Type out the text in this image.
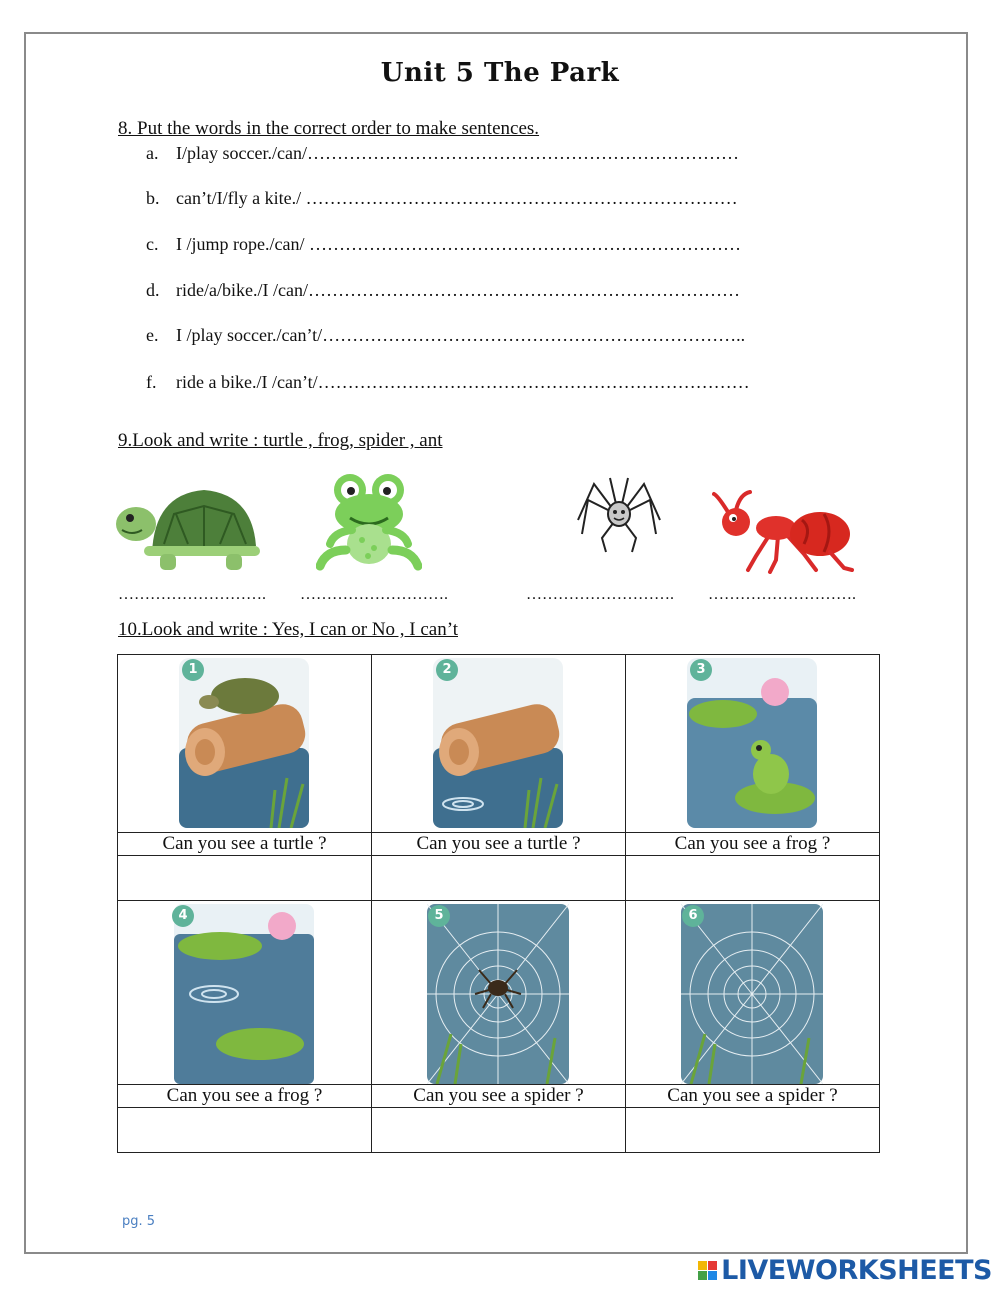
Unit 5 The Park
8. Put the words in the correct order to make sentences.
a. I/play soccer./can/………………………………………………………………
b. can’t/I/fly a kite./ ………………………………………………………………
c. I /jump rope./can/ ………………………………………………………………
d. ride/a/bike./I /can/………………………………………………………………
e. I /play soccer./can’t/……………………………………………………………..
f. ride a bike./I /can’t/………………………………………………………………
9.Look and write : turtle , frog, spider , ant
………………………. ……………………….	………………………. ……………………….
10.Look and write : Yes, I can or No , I can’t
1	2	3

Can you see a turtle ?	Can you see a turtle ?	Can you see a frog ?

4	5	6

Can you see a frog ?	Can you see a spider ?	Can you see a spider ?

pg. 5
LIVEWORKSHEETS
